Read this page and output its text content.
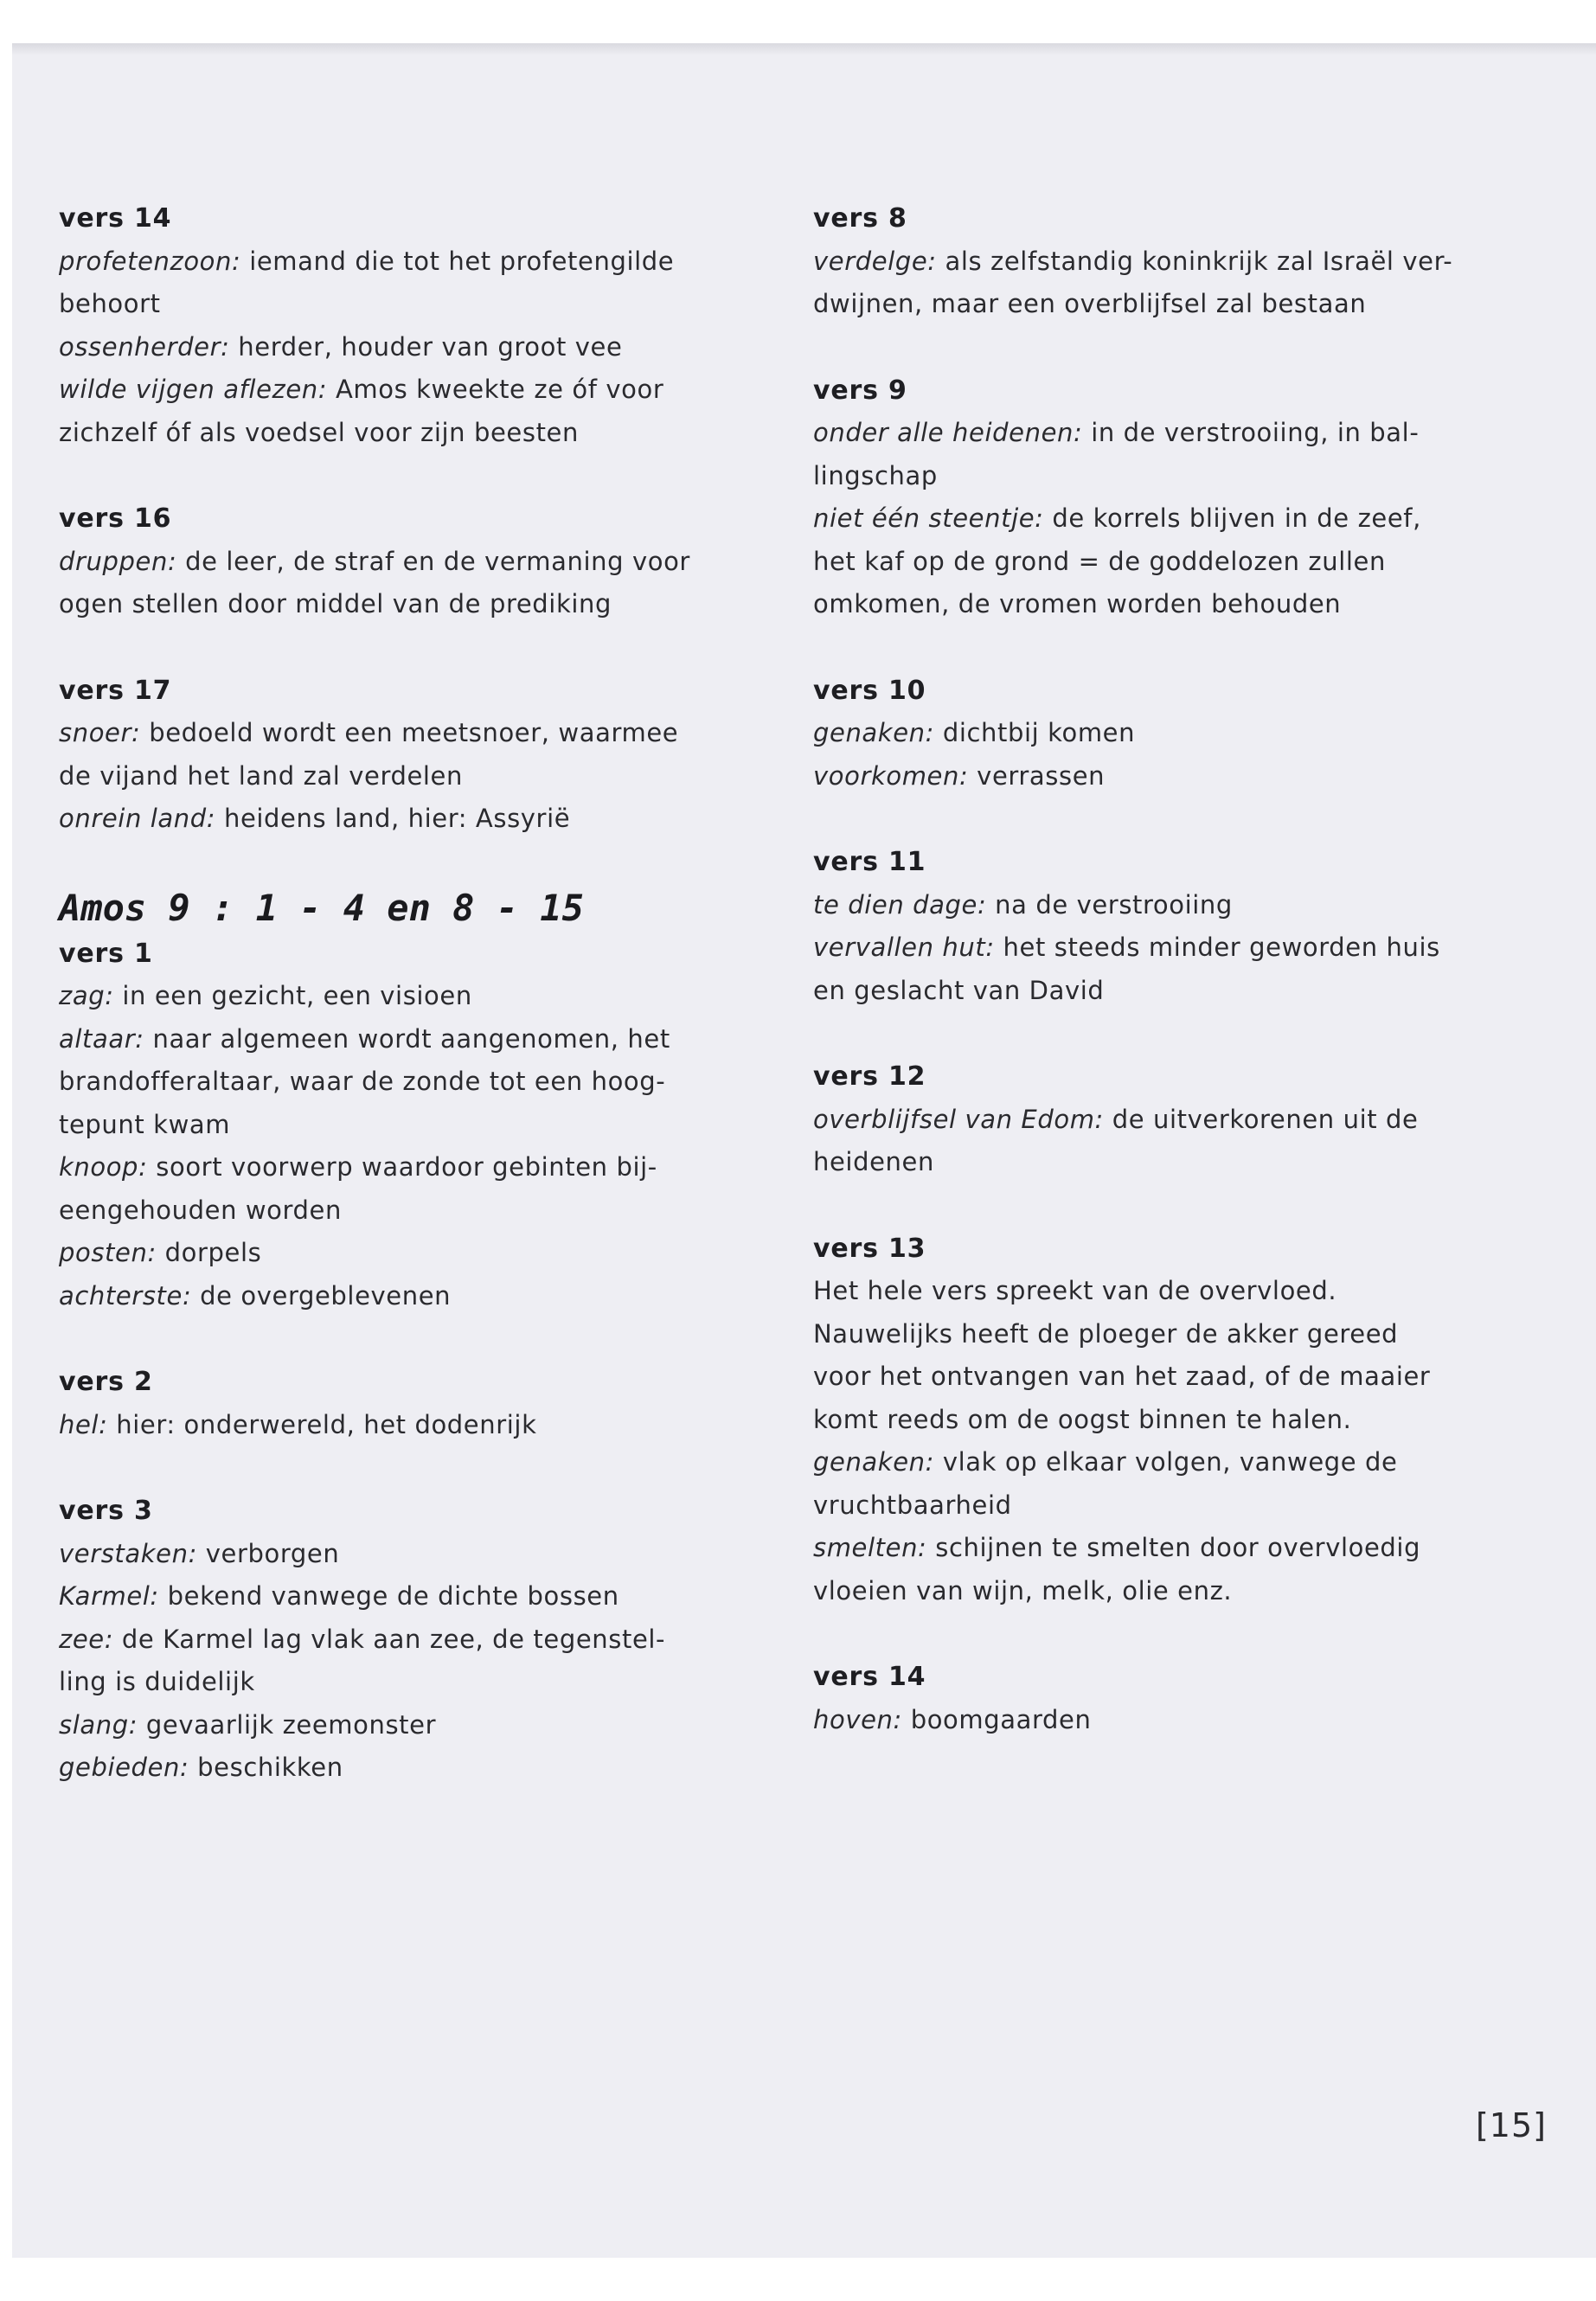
vers 14
profetenzoon: iemand die tot het profetengilde
behoort
ossenherder: herder, houder van groot vee
wilde vijgen aflezen: Amos kweekte ze óf voor
zichzelf óf als voedsel voor zijn beesten
vers 16
druppen: de leer, de straf en de vermaning voor
ogen stellen door middel van de prediking
vers 17
snoer: bedoeld wordt een meetsnoer, waarmee
de vijand het land zal verdelen
onrein land: heidens land, hier: Assyrië
Amos 9 : 1 - 4 en 8 - 15
vers 1
zag: in een gezicht, een visioen
altaar: naar algemeen wordt aangenomen, het
brandofferaltaar, waar de zonde tot een hoog-
tepunt kwam
knoop: soort voorwerp waardoor gebinten bij-
eengehouden worden
posten: dorpels
achterste: de overgeblevenen
vers 2
hel: hier: onderwereld, het dodenrijk
vers 3
verstaken: verborgen
Karmel: bekend vanwege de dichte bossen
zee: de Karmel lag vlak aan zee, de tegenstel-
ling is duidelijk
slang: gevaarlijk zeemonster
gebieden: beschikken
vers 8
verdelge: als zelfstandig koninkrijk zal Israël ver-
dwijnen, maar een overblijfsel zal bestaan
vers 9
onder alle heidenen: in de verstrooiing, in bal-
lingschap
niet één steentje: de korrels blijven in de zeef,
het kaf op de grond = de goddelozen zullen
omkomen, de vromen worden behouden
vers 10
genaken: dichtbij komen
voorkomen: verrassen
vers 11
te dien dage: na de verstrooiing
vervallen hut: het steeds minder geworden huis
en geslacht van David
vers 12
overblijfsel van Edom: de uitverkorenen uit de
heidenen
vers 13
Het hele vers spreekt van de overvloed.
Nauwelijks heeft de ploeger de akker gereed
voor het ontvangen van het zaad, of de maaier
komt reeds om de oogst binnen te halen.
genaken: vlak op elkaar volgen, vanwege de
vruchtbaarheid
smelten: schijnen te smelten door overvloedig
vloeien van wijn, melk, olie enz.
vers 14
hoven: boomgaarden
[15]
